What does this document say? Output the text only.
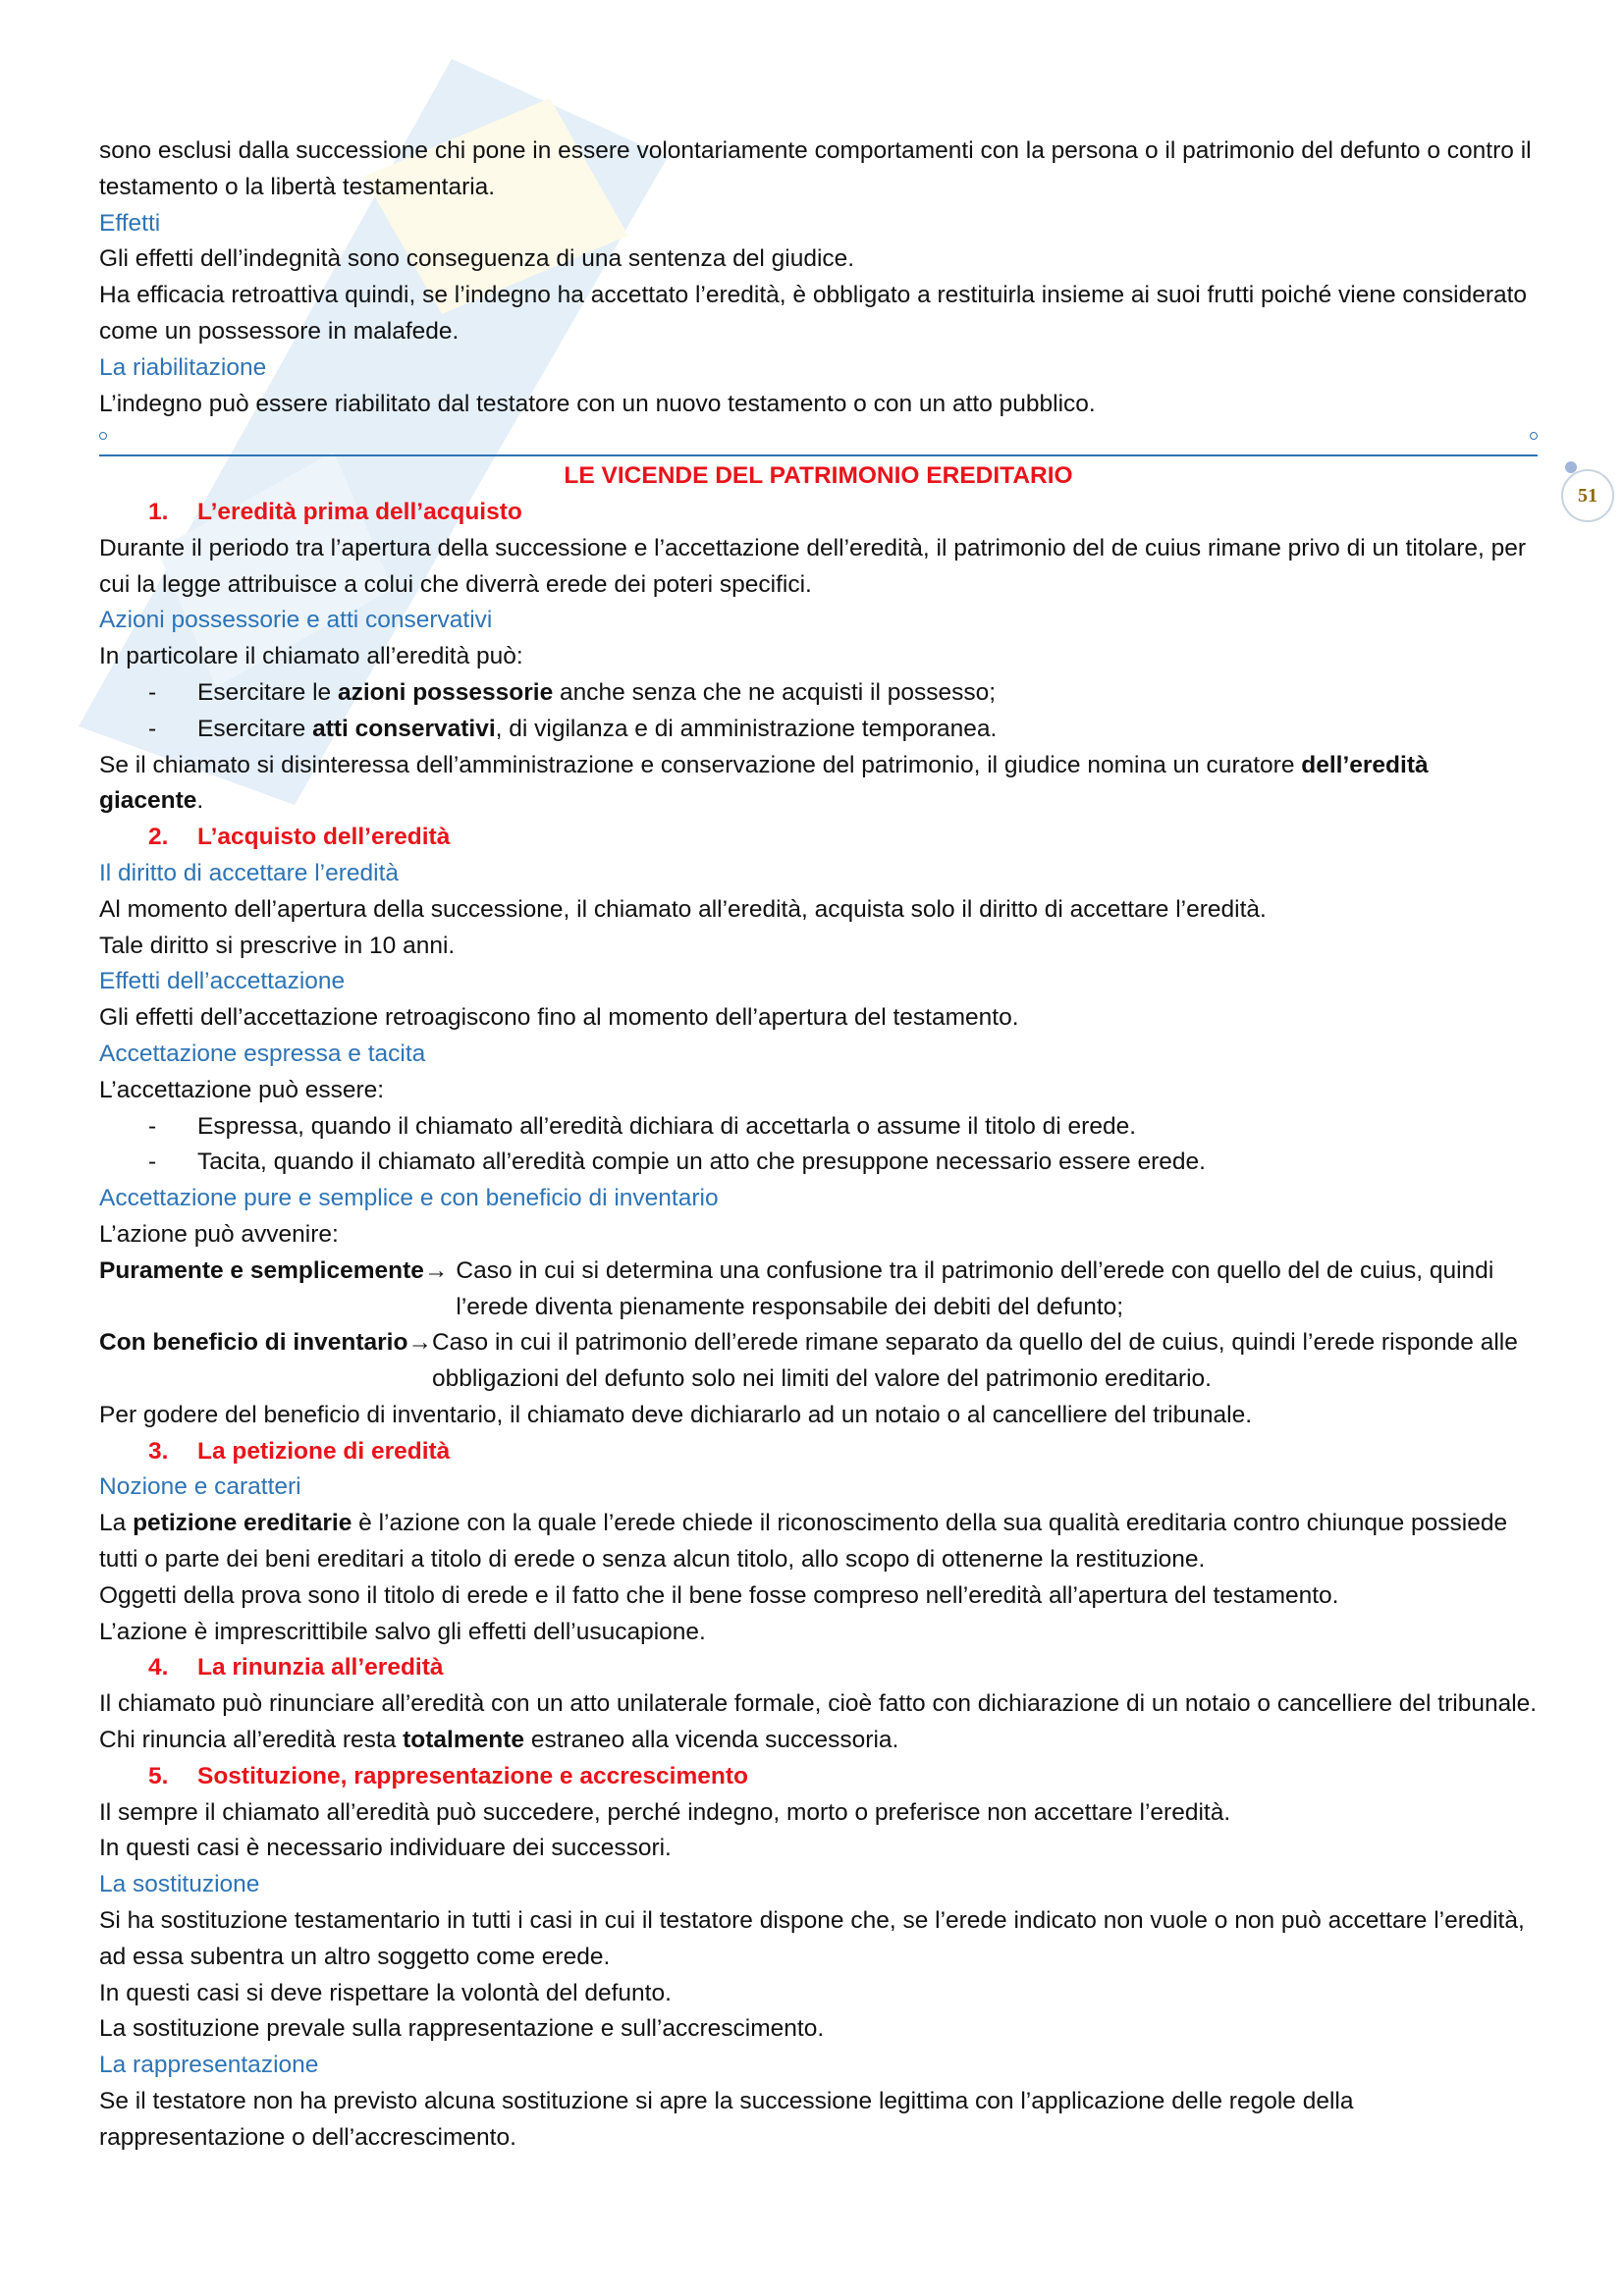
51

sono esclusi dalla successione chi pone in essere volontariamente comportamenti con la persona o il patrimonio del defunto o contro il testamento o la libertà testamentaria.

Effetti

Gli effetti dell’indegnità sono conseguenza di una sentenza del giudice.

Ha efficacia retroattiva quindi, se l’indegno ha accettato l’eredità, è obbligato a restituirla insieme ai suoi frutti poiché viene considerato come un possessore in malafede.

La riabilitazione

L’indegno può essere riabilitato dal testatore con un nuovo testamento o con un atto pubblico.

LE VICENDE DEL PATRIMONIO EREDITARIO

1. L’eredità prima dell’acquisto

Durante il periodo tra l’apertura della successione e l’accettazione dell’eredità, il patrimonio del de cuius rimane privo di un titolare, per cui la legge attribuisce a colui che diverrà erede dei poteri specifici.

Azioni possessorie e atti conservativi

In particolare il chiamato all’eredità può:

- Esercitare le azioni possessorie anche senza che ne acquisti il possesso;

- Esercitare atti conservativi, di vigilanza e di amministrazione temporanea.

Se il chiamato si disinteressa dell’amministrazione e conservazione del patrimonio, il giudice nomina un curatore dell’eredità giacente.

2. L’acquisto dell’eredità

Il diritto di accettare l’eredità

Al momento dell’apertura della successione, il chiamato all’eredità, acquista solo il diritto di accettare l’eredità.

Tale diritto si prescrive in 10 anni.

Effetti dell’accettazione

Gli effetti dell’accettazione retroagiscono fino al momento dell’apertura del testamento.

Accettazione espressa e tacita

L’accettazione può essere:

- Espressa, quando il chiamato all’eredità dichiara di accettarla o assume il titolo di erede.

- Tacita, quando il chiamato all’eredità compie un atto che presuppone necessario essere erede.

Accettazione pure e semplice e con beneficio di inventario

L’azione può avvenire:

Puramente e semplicemente → Caso in cui si determina una confusione tra il patrimonio dell’erede con quello del de cuius, quindi l’erede diventa pienamente responsabile dei debiti del defunto;
Con beneficio di inventario → Caso in cui il patrimonio dell’erede rimane separato da quello del de cuius, quindi l’erede risponde alle obbligazioni del defunto solo nei limiti del valore del patrimonio ereditario.

Per godere del beneficio di inventario, il chiamato deve dichiararlo ad un notaio o al cancelliere del tribunale.

3. La petizione di eredità

Nozione e caratteri

La petizione ereditarie è l’azione con la quale l’erede chiede il riconoscimento della sua qualità ereditaria contro chiunque possiede tutti o parte dei beni ereditari a titolo di erede o senza alcun titolo, allo scopo di ottenerne la restituzione.

Oggetti della prova sono il titolo di erede e il fatto che il bene fosse compreso nell’eredità all’apertura del testamento.

L’azione è imprescrittibile salvo gli effetti dell’usucapione.

4. La rinunzia all’eredità

Il chiamato può rinunciare all’eredità con un atto unilaterale formale, cioè fatto con dichiarazione di un notaio o cancelliere del tribunale.

Chi rinuncia all’eredità resta totalmente estraneo alla vicenda successoria.

5. Sostituzione, rappresentazione e accrescimento

Il sempre il chiamato all’eredità può succedere, perché indegno, morto o preferisce non accettare l’eredità.

In questi casi è necessario individuare dei successori.

La sostituzione

Si ha sostituzione testamentario in tutti i casi in cui il testatore dispone che, se l’erede indicato non vuole o non può accettare l’eredità, ad essa subentra un altro soggetto come erede.

In questi casi si deve rispettare la volontà del defunto.

La sostituzione prevale sulla rappresentazione e sull’accrescimento.

La rappresentazione

Se il testatore non ha previsto alcuna sostituzione si apre la successione legittima con l’applicazione delle regole della rappresentazione o dell’accrescimento.
